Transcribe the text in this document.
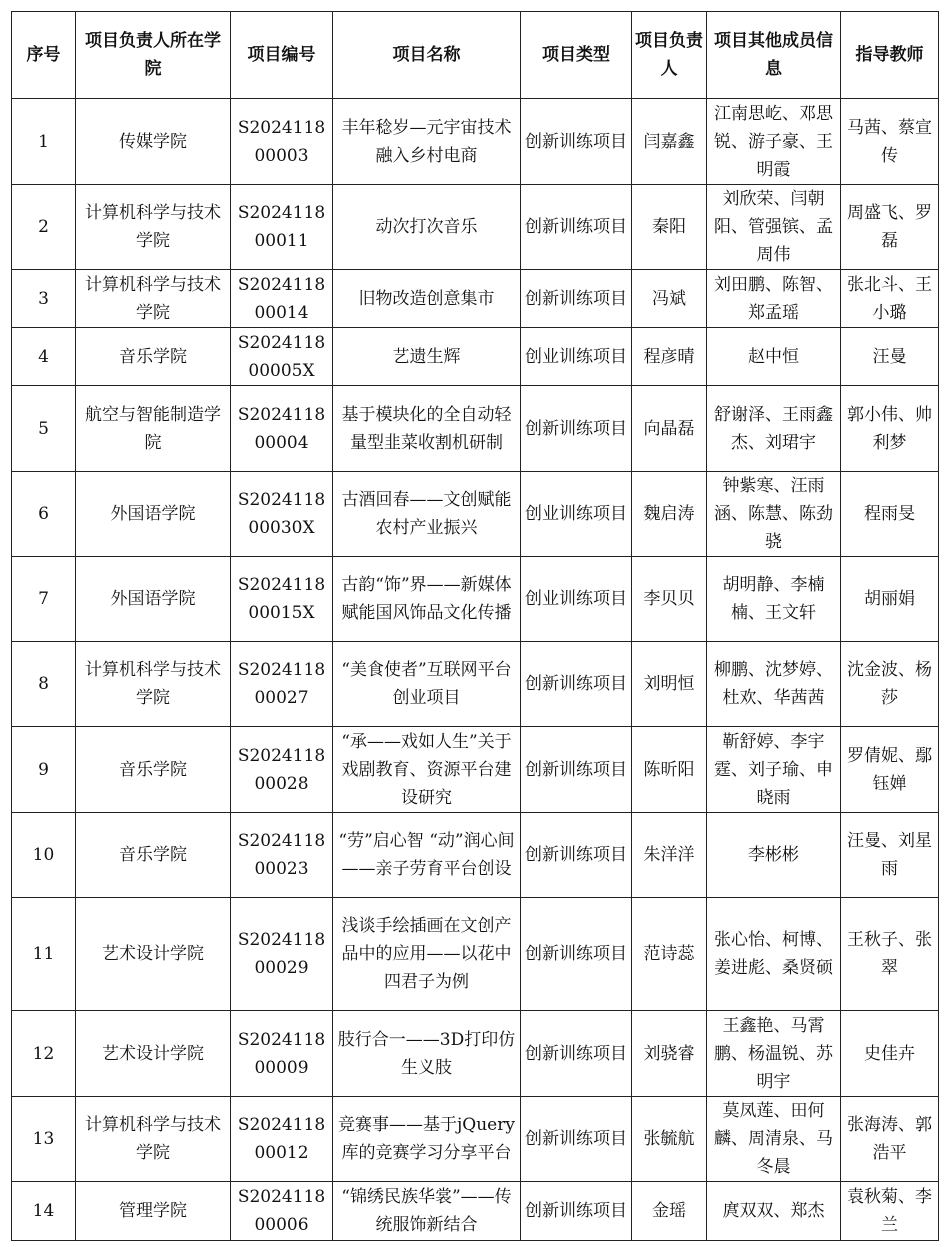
序号	项目负责人所在学院	项目编号	项目名称	项目类型	项目负责人	项目其他成员信息	指导教师
1	传媒学院	S202411800003	丰年稔岁—元宇宙技术融入乡村电商	创新训练项目	闫嘉鑫	江南思屹、邓思锐、游子豪、王明霞	马茜、蔡宣传
2	计算机科学与技术学院	S202411800011	动次打次音乐	创新训练项目	秦阳	刘欣荣、闫朝阳、管强镔、孟周伟	周盛飞、罗磊
3	计算机科学与技术学院	S202411800014	旧物改造创意集市	创新训练项目	冯斌	刘田鹏、陈智、郑孟瑶	张北斗、王小璐
4	音乐学院	S202411800005X	艺遗生辉	创业训练项目	程彦晴	赵中恒	汪曼
5	航空与智能制造学院	S202411800004	基于模块化的全自动轻量型韭菜收割机研制	创新训练项目	向晶磊	舒谢泽、王雨鑫杰、刘珺宇	郭小伟、帅利梦
6	外国语学院	S202411800030X	古酒回春——文创赋能农村产业振兴	创业训练项目	魏启涛	钟紫寒、汪雨涵、陈慧、陈劲骁	程雨旻
7	外国语学院	S202411800015X	古韵“饰”界——新媒体赋能国风饰品文化传播	创业训练项目	李贝贝	胡明静、李楠楠、王文轩	胡丽娟
8	计算机科学与技术学院	S202411800027	“美食使者”互联网平台创业项目	创新训练项目	刘明恒	柳鹏、沈梦婷、杜欢、华茜茜	沈金波、杨莎
9	音乐学院	S202411800028	“承——戏如人生”关于戏剧教育、资源平台建设研究	创新训练项目	陈昕阳	靳舒婷、李宇霆、刘子瑜、申晓雨	罗倩妮、鄢钰婵
10	音乐学院	S202411800023	“劳”启心智 “动”润心间——亲子劳育平台创设	创新训练项目	朱洋洋	李彬彬	汪曼、刘星雨
11	艺术设计学院	S202411800029	浅谈手绘插画在文创产品中的应用——以花中四君子为例	创新训练项目	范诗蕊	张心怡、柯博、姜进彪、桑贤硕	王秋子、张翠
12	艺术设计学院	S202411800009	肢行合一——3D打印仿生义肢	创新训练项目	刘骁睿	王鑫艳、马霄鹏、杨温锐、苏明宇	史佳卉
13	计算机科学与技术学院	S202411800012	竞赛事——基于jQuery库的竞赛学习分享平台	创新训练项目	张毓航	莫凤莲、田何麟、周清泉、马冬晨	张海涛、郭浩平
14	管理学院	S202411800006	“锦绣民族华裳”——传统服饰新结合	创新训练项目	金瑶	庹双双、郑杰	袁秋菊、李兰
